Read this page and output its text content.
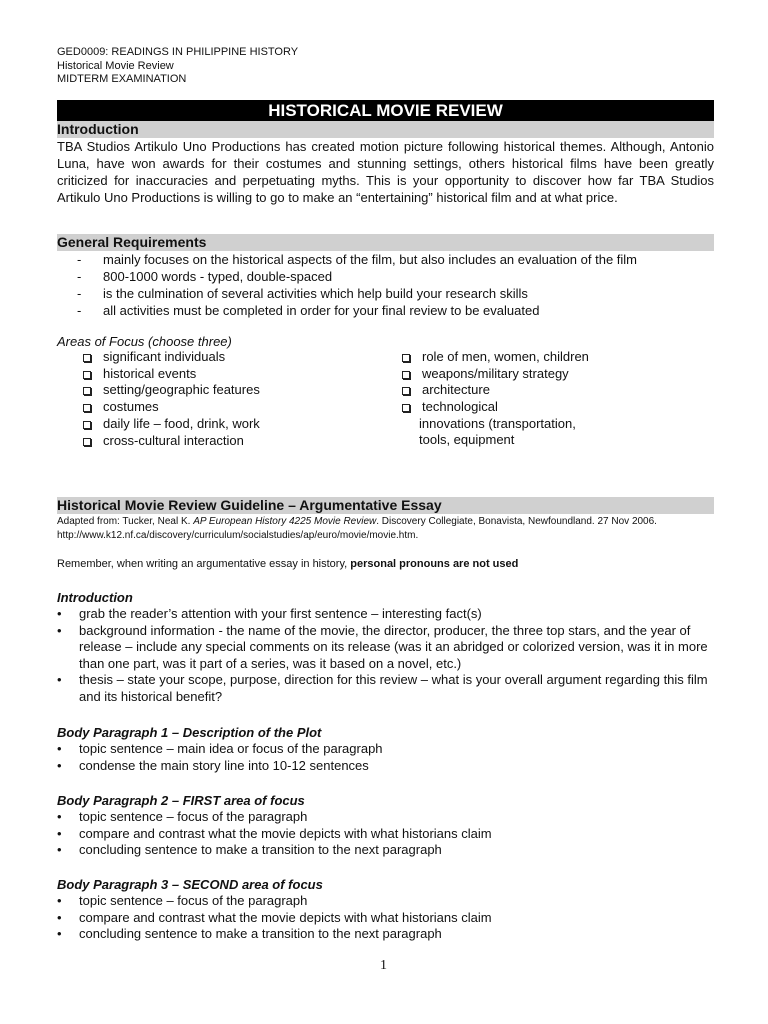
GED0009: READINGS IN PHILIPPINE HISTORY
Historical Movie Review
MIDTERM EXAMINATION
HISTORICAL MOVIE REVIEW
Introduction
TBA Studios Artikulo Uno Productions has created motion picture following historical themes. Although, Antonio Luna, have won awards for their costumes and stunning settings, others historical films have been greatly criticized for inaccuracies and perpetuating myths. This is your opportunity to discover how far TBA Studios Artikulo Uno Productions is willing to go to make an “entertaining” historical film and at what price.
General Requirements
- mainly focuses on the historical aspects of the film, but also includes an evaluation of the film
- 800-1000 words - typed, double-spaced
- is the culmination of several activities which help build your research skills
- all activities must be completed in order for your final review to be evaluated
Areas of Focus (choose three)
significant individuals
historical events
setting/geographic features
costumes
daily life – food, drink, work
cross-cultural interaction
role of men, women, children
weapons/military strategy
architecture
technological
innovations (transportation,
tools, equipment
Historical Movie Review Guideline – Argumentative Essay
Adapted from: Tucker, Neal K. AP European History 4225 Movie Review. Discovery Collegiate, Bonavista, Newfoundland. 27 Nov 2006. http://www.k12.nf.ca/discovery/curriculum/socialstudies/ap/euro/movie/movie.htm.
Remember, when writing an argumentative essay in history, personal pronouns are not used
Introduction
• grab the reader’s attention with your first sentence – interesting fact(s)
• background information - the name of the movie, the director, producer, the three top stars, and the year of release – include any special comments on its release (was it an abridged or colorized version, was it in more than one part, was it part of a series, was it based on a novel, etc.)
• thesis – state your scope, purpose, direction for this review – what is your overall argument regarding this film and its historical benefit?
Body Paragraph 1 – Description of the Plot
• topic sentence – main idea or focus of the paragraph
• condense the main story line into 10-12 sentences
Body Paragraph 2 – FIRST area of focus
• topic sentence – focus of the paragraph
• compare and contrast what the movie depicts with what historians claim
• concluding sentence to make a transition to the next paragraph
Body Paragraph 3 – SECOND area of focus
• topic sentence – focus of the paragraph
• compare and contrast what the movie depicts with what historians claim
• concluding sentence to make a transition to the next paragraph
1
